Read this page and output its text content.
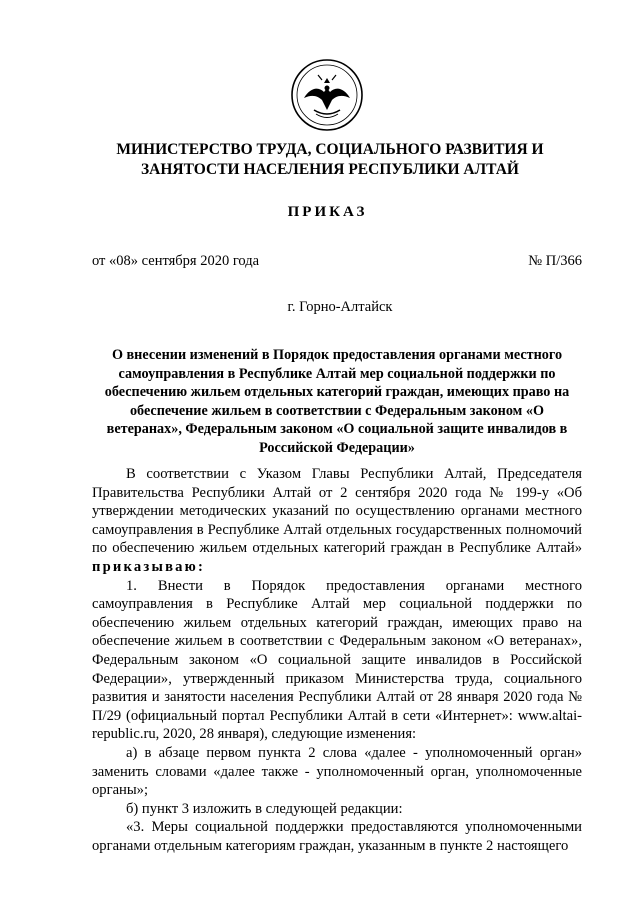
МИНИСТЕРСТВО ТРУДА, СОЦИАЛЬНОГО РАЗВИТИЯ И
ЗАНЯТОСТИ НАСЕЛЕНИЯ РЕСПУБЛИКИ АЛТАЙ
ПРИКАЗ
от «08» сентября 2020 года	№ П/366
г. Горно-Алтайск
О внесении изменений в Порядок предоставления органами местного самоуправления в Республике Алтай мер социальной поддержки по обеспечению жильем отдельных категорий граждан, имеющих право на обеспечение жильем в соответствии с Федеральным законом «О ветеранах», Федеральным законом «О социальной защите инвалидов в Российской Федерации»

В соответствии с Указом Главы Республики Алтай, Председателя Правительства Республики Алтай от 2 сентября 2020 года № 199-у «Об утверждении методических указаний по осуществлению органами местного самоуправления в Республике Алтай отдельных государственных полномочий по обеспечению жильем отдельных категорий граждан в Республике Алтай» приказываю:

1. Внести в Порядок предоставления органами местного самоуправления в Республике Алтай мер социальной поддержки по обеспечению жильем отдельных категорий граждан, имеющих право на обеспечение жильем в соответствии с Федеральным законом «О ветеранах», Федеральным законом «О социальной защите инвалидов в Российской Федерации», утвержденный приказом Министерства труда, социального развития и занятости населения Республики Алтай от 28 января 2020 года № П/29 (официальный портал Республики Алтай в сети «Интернет»: www.altai-republic.ru, 2020, 28 января), следующие изменения:

а) в абзаце первом пункта 2 слова «далее - уполномоченный орган» заменить словами «далее также - уполномоченный орган, уполномоченные органы»;

б) пункт 3 изложить в следующей редакции:

«3. Меры социальной поддержки предоставляются уполномоченными органами отдельным категориям граждан, указанным в пункте 2 настоящего
